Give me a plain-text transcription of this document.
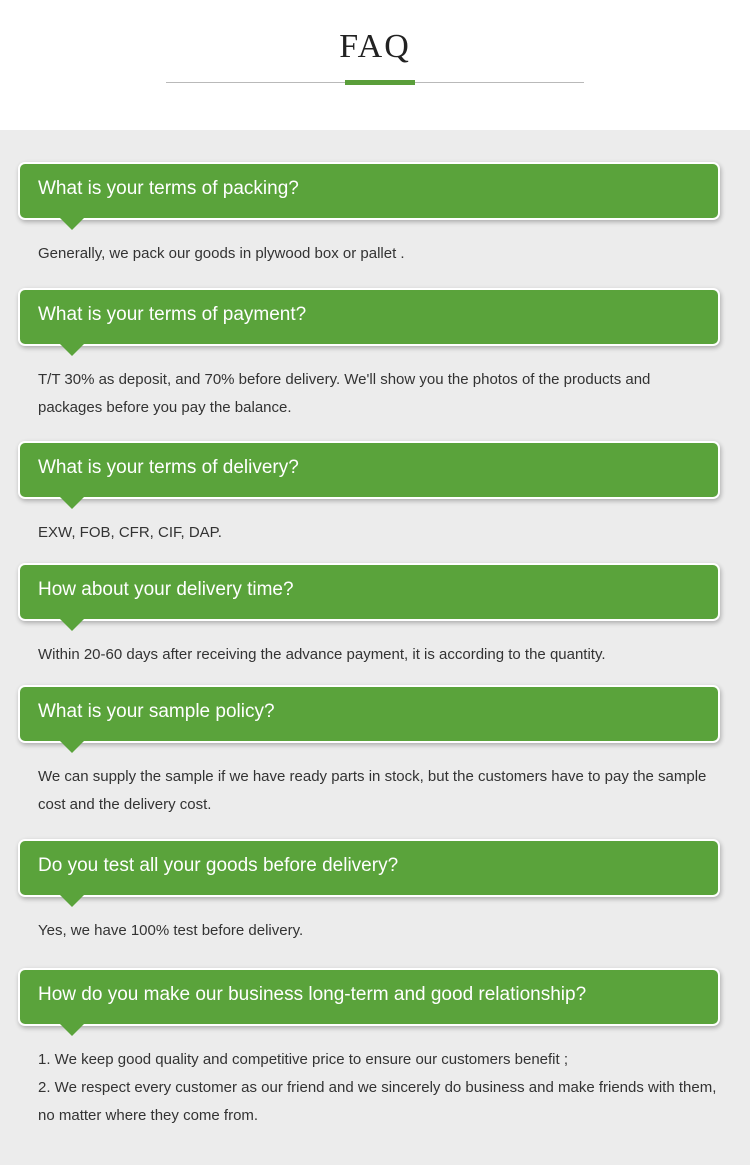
FAQ
What is your terms of packing?

Generally, we pack our goods in plywood box or pallet .

What is your terms of payment?

T/T 30% as deposit, and 70% before delivery. We'll show you the photos of the products and packages before you pay the balance.

What is your terms of delivery?

EXW, FOB, CFR, CIF, DAP.

How about your delivery time?

Within 20-60 days after receiving the advance payment, it is according to the quantity.

What is your sample policy?

We can supply the sample if we have ready parts in stock, but the customers have to pay the sample cost and the delivery cost.

Do you test all your goods before delivery?

Yes, we have 100% test before delivery.

How do you make our business long-term and good relationship?

1. We keep good quality and competitive price to ensure our customers benefit ;

2. We respect every customer as our friend and we sincerely do business and make friends with them, no matter where they come from.
